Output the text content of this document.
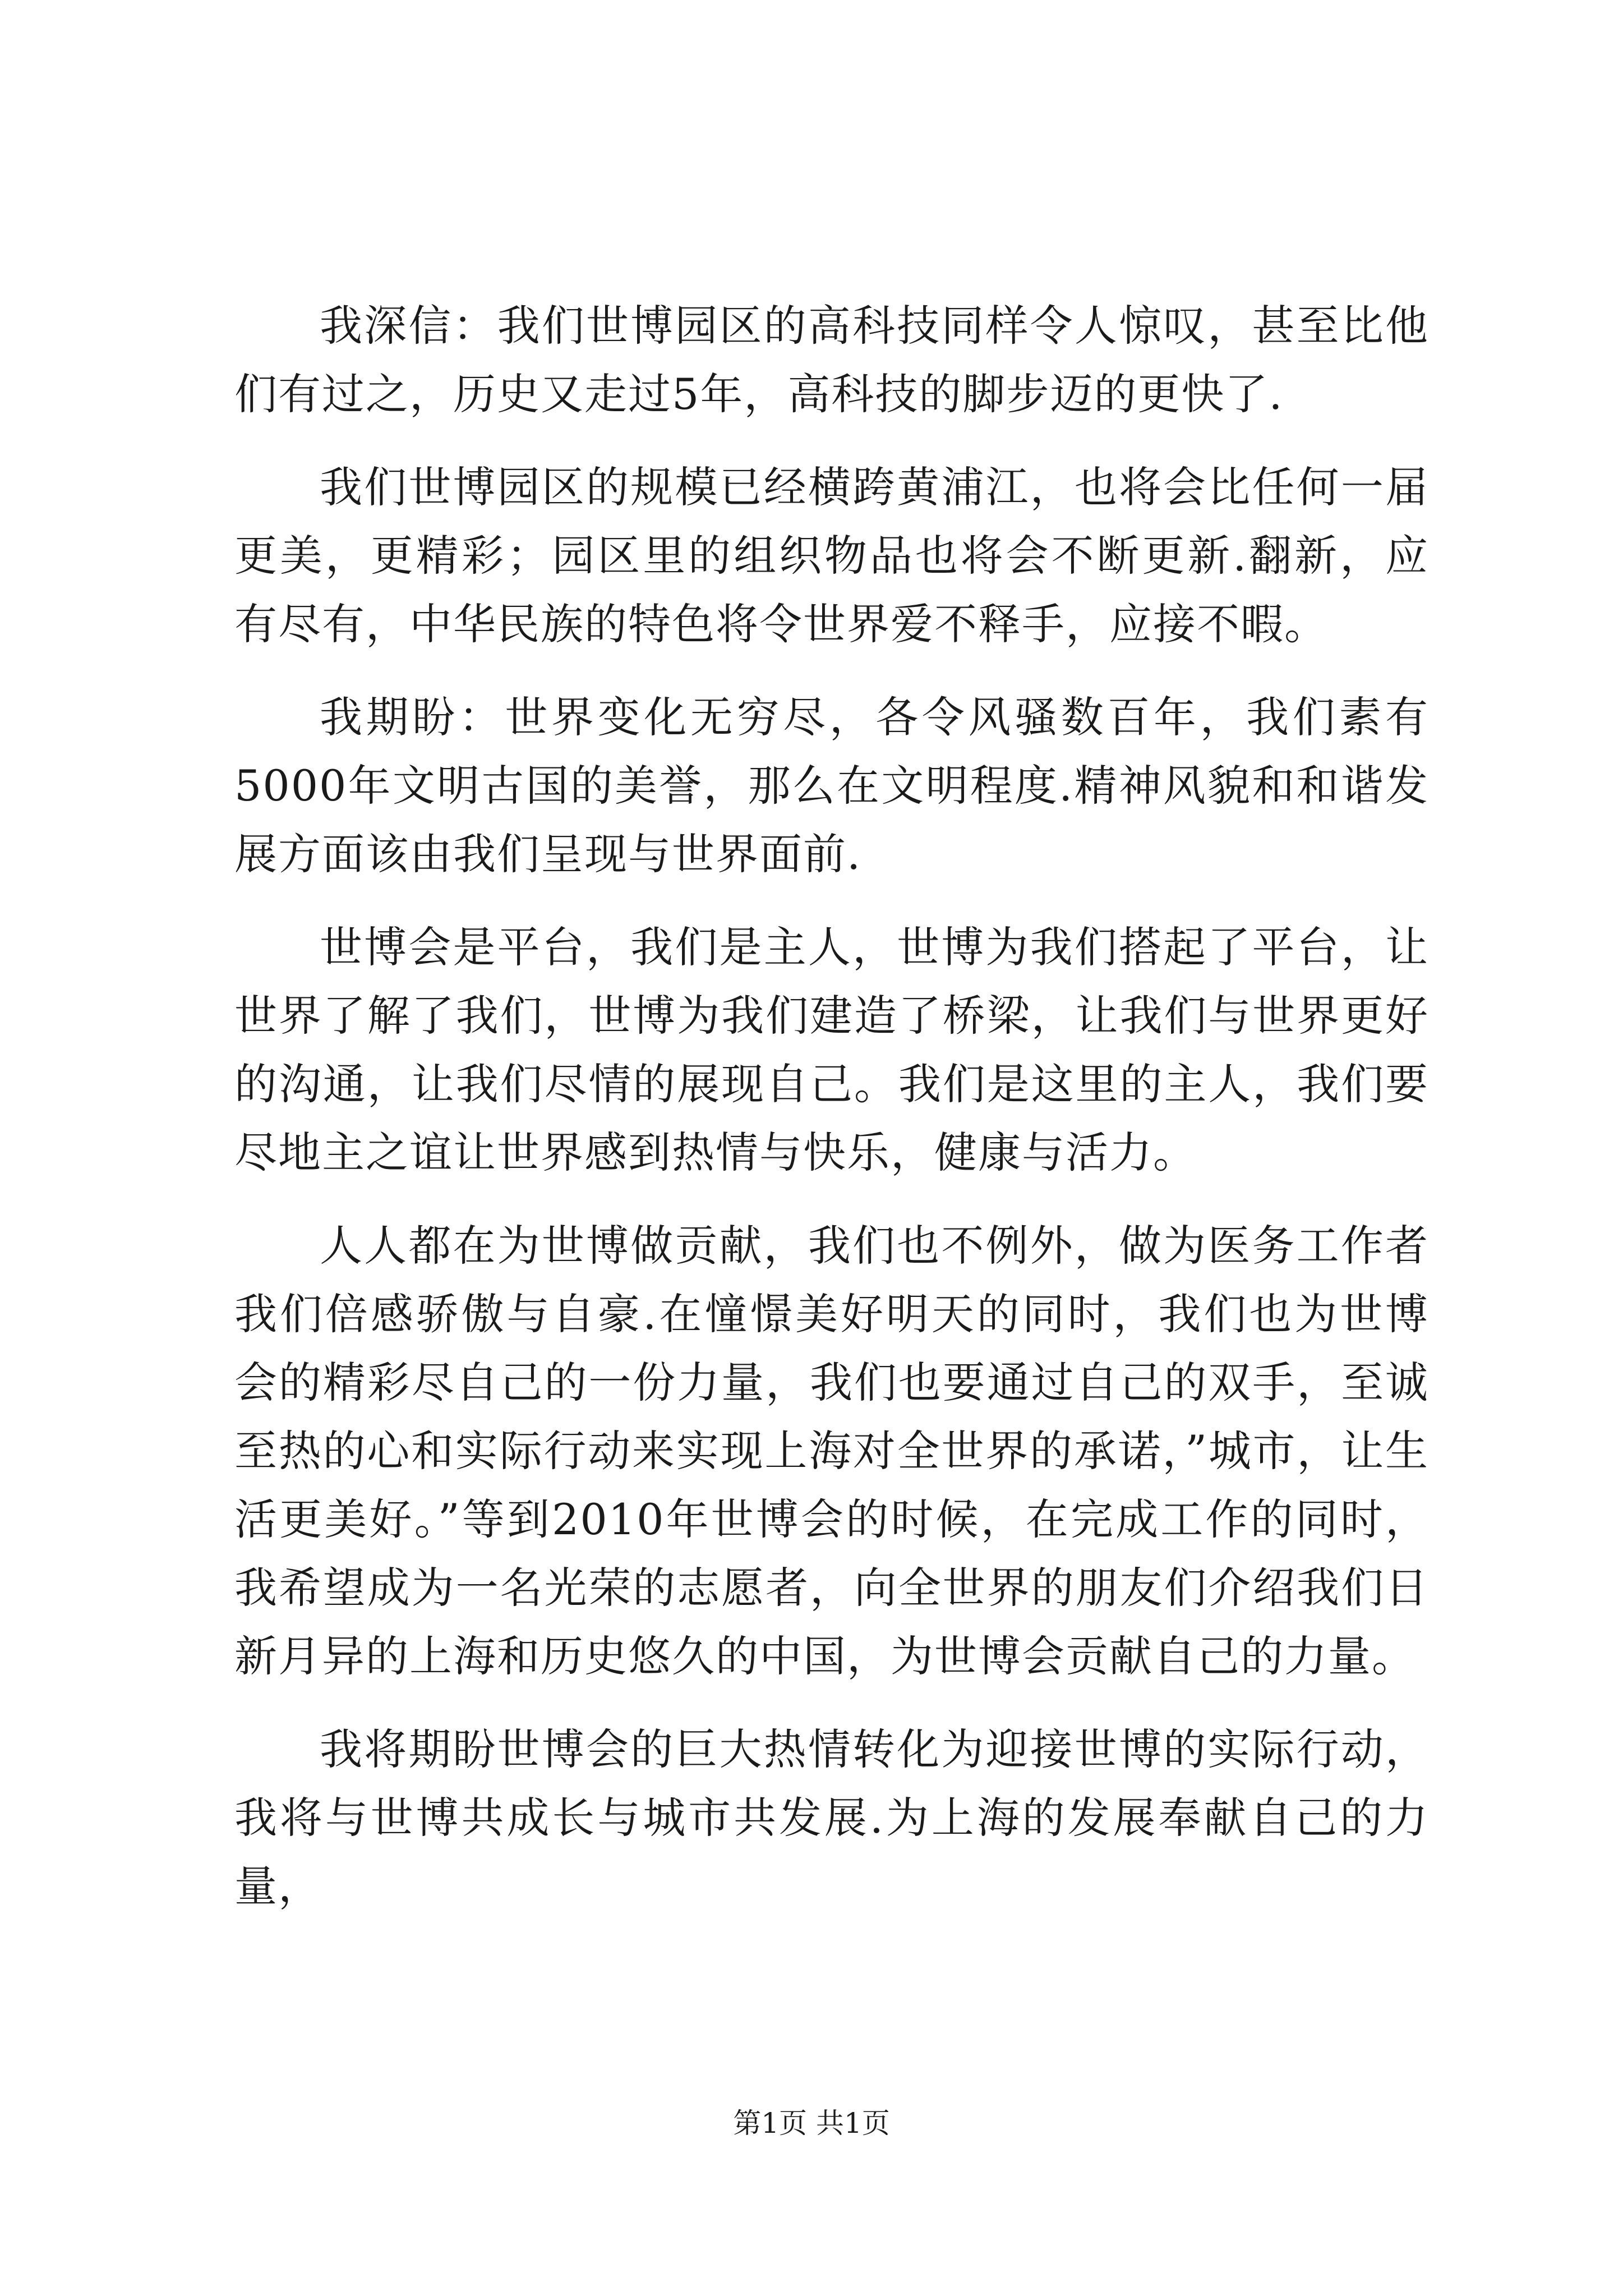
我深信：我们世博园区的高科技同样令人惊叹，甚至比他们有过之，历史又走过5年，高科技的脚步迈的更快了.

我们世博园区的规模已经横跨黄浦江，也将会比任何一届更美，更精彩；园区里的组织物品也将会不断更新.翻新，应有尽有，中华民族的特色将令世界爱不释手，应接不暇。

我期盼：世界变化无穷尽，各令风骚数百年，我们素有5000年文明古国的美誉，那么在文明程度.精神风貌和和谐发展方面该由我们呈现与世界面前.

世博会是平台，我们是主人，世博为我们搭起了平台，让世界了解了我们，世博为我们建造了桥梁，让我们与世界更好的沟通，让我们尽情的展现自己。我们是这里的主人，我们要尽地主之谊让世界感到热情与快乐，健康与活力。

人人都在为世博做贡献，我们也不例外，做为医务工作者我们倍感骄傲与自豪.在憧憬美好明天的同时，我们也为世博会的精彩尽自己的一份力量，我们也要通过自己的双手，至诚至热的心和实际行动来实现上海对全世界的承诺，”城市，让生活更美好。”等到2010年世博会的时候，在完成工作的同时，我希望成为一名光荣的志愿者，向全世界的朋友们介绍我们日新月异的上海和历史悠久的中国，为世博会贡献自己的力量。

我将期盼世博会的巨大热情转化为迎接世博的实际行动，我将与世博共成长与城市共发展.为上海的发展奉献自己的力量，

第1页 共1页
